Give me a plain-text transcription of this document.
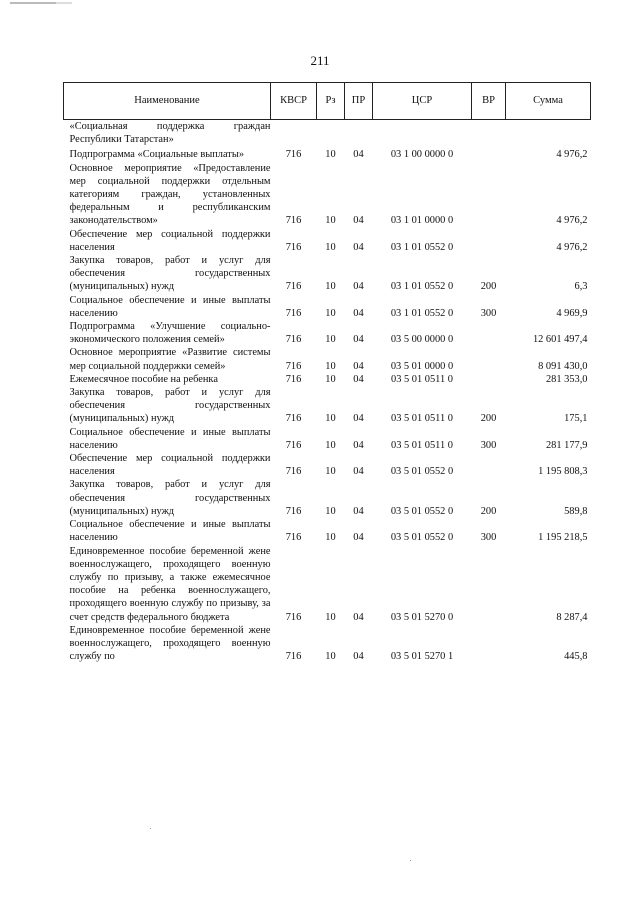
211
Наименование	КВСР	Рз	ПР	ЦСР	ВР	Сумма
«Социальная поддержка граждан Республики Татарстан»						

Подпрограмма «Социальные выплаты»	716	10	04	03 1 00 0000 0		4 976,2
Основное мероприятие «Предоставление мер социальной поддержки отдельным категориям граждан, установленных федеральным и республиканским законодательством»	716	10	04	03 1 01 0000 0		4 976,2
Обеспечение мер социальной поддержки населения	716	10	04	03 1 01 0552 0		4 976,2
Закупка товаров, работ и услуг для обеспечения государственных (муниципальных) нужд	716	10	04	03 1 01 0552 0	200	6,3
Социальное обеспечение и иные выплаты населению	716	10	04	03 1 01 0552 0	300	4 969,9
Подпрограмма «Улучшение социально-экономического положения семей»	716	10	04	03 5 00 0000 0		12 601 497,4
Основное мероприятие «Развитие системы мер социальной поддержки семей»	716	10	04	03 5 01 0000 0		8 091 430,0
Ежемесячное пособие на ребенка	716	10	04	03 5 01 0511 0		281 353,0
Закупка товаров, работ и услуг для обеспечения государственных (муниципальных) нужд	716	10	04	03 5 01 0511 0	200	175,1
Социальное обеспечение и иные выплаты населению	716	10	04	03 5 01 0511 0	300	281 177,9
Обеспечение мер социальной поддержки населения	716	10	04	03 5 01 0552 0		1 195 808,3
Закупка товаров, работ и услуг для обеспечения государственных (муниципальных) нужд	716	10	04	03 5 01 0552 0	200	589,8
Социальное обеспечение и иные выплаты населению	716	10	04	03 5 01 0552 0	300	1 195 218,5
Единовременное пособие беременной жене военнослужащего, проходящего военную службу по призыву, а также ежемесячное пособие на ребенка военнослужащего, проходящего военную службу по призыву, за счет средств федерального бюджета	716	10	04	03 5 01 5270 0		8 287,4
Единовременное пособие беременной жене военнослужащего, проходящего военную службу по	716	10	04	03 5 01 5270 1		445,8
